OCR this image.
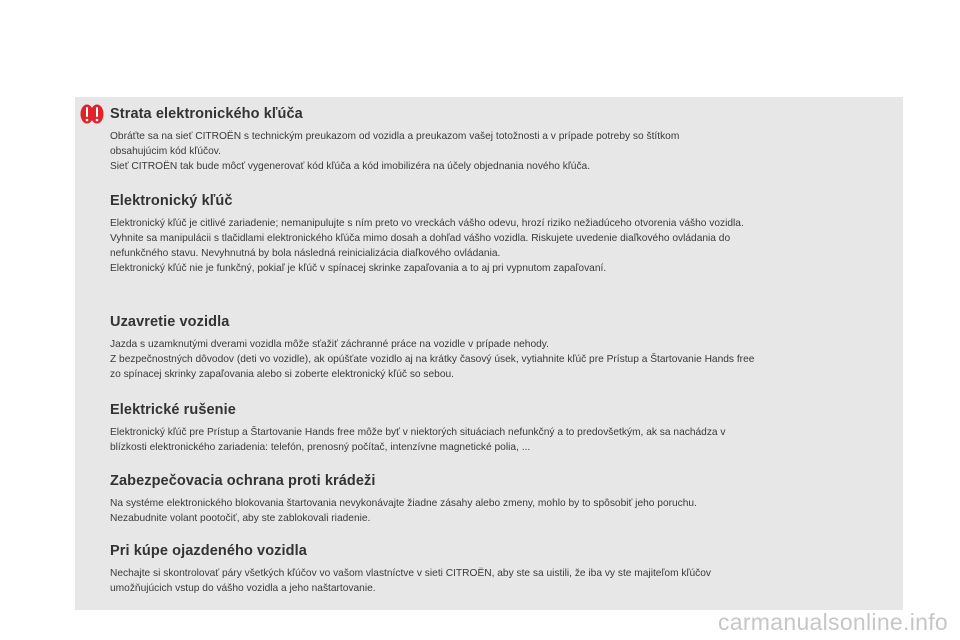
Strata elektronického kľúča

Obráťte sa na sieť CITROËN s technickým preukazom od vozidla a preukazom vašej totožnosti a v prípade potreby so štítkom
obsahujúcim kód kľúčov.
Sieť CITROËN tak bude môcť vygenerovať kód kľúča a kód imobilizéra na účely objednania nového kľúča.

Elektronický kľúč

Elektronický kľúč je citlivé zariadenie; nemanipulujte s ním preto vo vreckách vášho odevu, hrozí riziko nežiadúceho otvorenia vášho vozidla.
Vyhnite sa manipulácii s tlačidlami elektronického kľúča mimo dosah a dohľad vášho vozidla. Riskujete uvedenie diaľkového ovládania do
nefunkčného stavu. Nevyhnutná by bola následná reinicializácia diaľkového ovládania.
Elektronický kľúč nie je funkčný, pokiaľ je kľúč v spínacej skrinke zapaľovania a to aj pri vypnutom zapaľovaní.

Uzavretie vozidla

Jazda s uzamknutými dverami vozidla môže sťažiť záchranné práce na vozidle v prípade nehody.
Z bezpečnostných dôvodov (deti vo vozidle), ak opúšťate vozidlo aj na krátky časový úsek, vytiahnite kľúč pre Prístup a Štartovanie Hands free
zo spínacej skrinky zapaľovania alebo si zoberte elektronický kľúč so sebou.

Elektrické rušenie

Elektronický kľúč pre Prístup a Štartovanie Hands free môže byť v niektorých situáciach nefunkčný a to predovšetkým, ak sa nachádza v
blízkosti elektronického zariadenia: telefón, prenosný počítač, intenzívne magnetické polia, ...

Zabezpečovacia ochrana proti krádeži

Na systéme elektronického blokovania štartovania nevykonávajte žiadne zásahy alebo zmeny, mohlo by to spôsobiť jeho poruchu.
Nezabudnite volant pootočiť, aby ste zablokovali riadenie.

Pri kúpe ojazdeného vozidla

Nechajte si skontrolovať páry všetkých kľúčov vo vašom vlastníctve v sieti CITROËN, aby ste sa uistili, že iba vy ste majiteľom kľúčov
umožňujúcich vstup do vášho vozidla a jeho naštartovanie.

carmanualsonline.info
